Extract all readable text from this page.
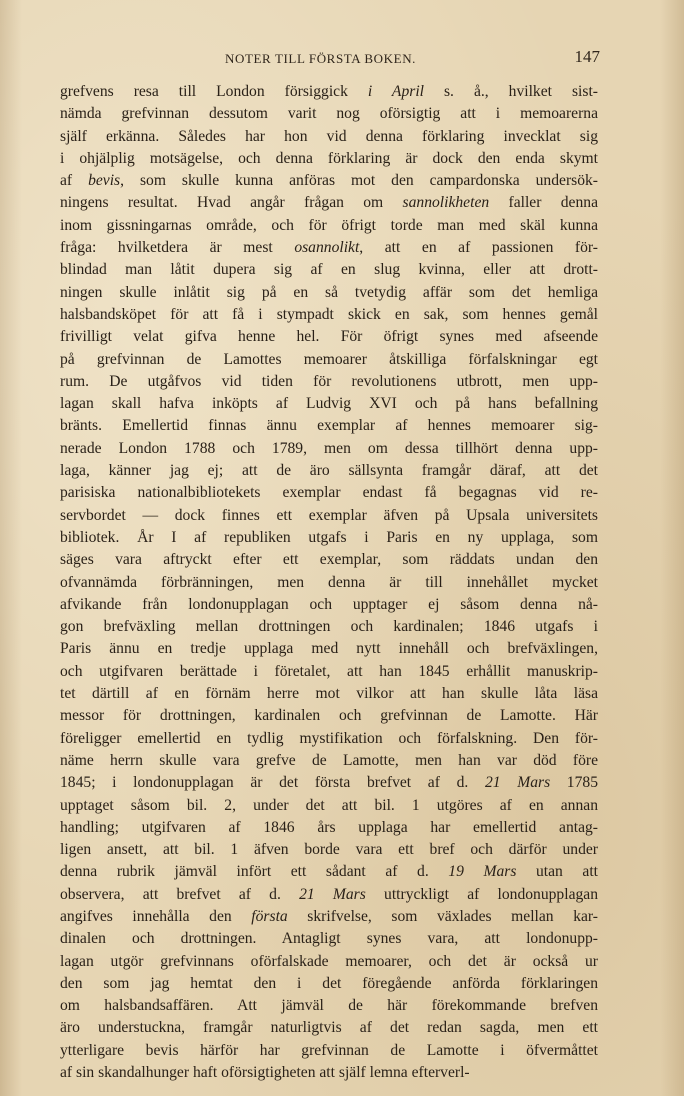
NOTER TILL FÖRSTA BOKEN.	147
grefvens resa till London försiggick i April s. å., hvilket sist-
nämda grefvinnan dessutom varit nog oförsigtig att i memoarerna
själf erkänna. Således har hon vid denna förklaring invecklat sig
i ohjälplig motsägelse, och denna förklaring är dock den enda skymt
af bevis, som skulle kunna anföras mot den campardonska undersök-
ningens resultat. Hvad angår frågan om sannolikheten faller denna
inom gissningarnas område, och för öfrigt torde man med skäl kunna
fråga: hvilketdera är mest osannolikt, att en af passionen för-
blindad man låtit dupera sig af en slug kvinna, eller att drott-
ningen skulle inlåtit sig på en så tvetydig affär som det hemliga
halsbandsköpet för att få i stympadt skick en sak, som hennes gemål
frivilligt velat gifva henne hel. För öfrigt synes med afseende
på grefvinnan de Lamottes memoarer åtskilliga förfalskningar egt
rum. De utgåfvos vid tiden för revolutionens utbrott, men upp-
lagan skall hafva inköpts af Ludvig XVI och på hans befallning
bränts. Emellertid finnas ännu exemplar af hennes memoarer sig-
nerade London 1788 och 1789, men om dessa tillhört denna upp-
laga, känner jag ej; att de äro sällsynta framgår däraf, att det
parisiska nationalbibliotekets exemplar endast få begagnas vid re-
servbordet — dock finnes ett exemplar äfven på Upsala universitets
bibliotek. År I af republiken utgafs i Paris en ny upplaga, som
säges vara aftryckt efter ett exemplar, som räddats undan den
ofvannämda förbränningen, men denna är till innehållet mycket
afvikande från londonupplagan och upptager ej såsom denna nå-
gon brefväxling mellan drottningen och kardinalen; 1846 utgafs i
Paris ännu en tredje upplaga med nytt innehåll och brefväxlingen,
och utgifvaren berättade i företalet, att han 1845 erhållit manuskrip-
tet därtill af en förnäm herre mot vilkor att han skulle låta läsa
messor för drottningen, kardinalen och grefvinnan de Lamotte. Här
föreligger emellertid en tydlig mystifikation och förfalskning. Den för-
näme herrn skulle vara grefve de Lamotte, men han var död före
1845; i londonupplagan är det första brefvet af d. 21 Mars 1785
upptaget såsom bil. 2, under det att bil. 1 utgöres af en annan
handling; utgifvaren af 1846 års upplaga har emellertid antag-
ligen ansett, att bil. 1 äfven borde vara ett bref och därför under
denna rubrik jämväl infört ett sådant af d. 19 Mars utan att
observera, att brefvet af d. 21 Mars uttryckligt af londonupplagan
angifves innehålla den första skrifvelse, som växlades mellan kar-
dinalen och drottningen. Antagligt synes vara, att londonupp-
lagan utgör grefvinnans oförfalskade memoarer, och det är också ur
den som jag hemtat den i det föregående anförda förklaringen
om halsbandsaffären. Att jämväl de här förekommande brefven
äro understuckna, framgår naturligtvis af det redan sagda, men ett
ytterligare bevis härför har grefvinnan de Lamotte i öfvermåttet
af sin skandalhunger haft oförsigtigheten att själf lemna efterverl-
